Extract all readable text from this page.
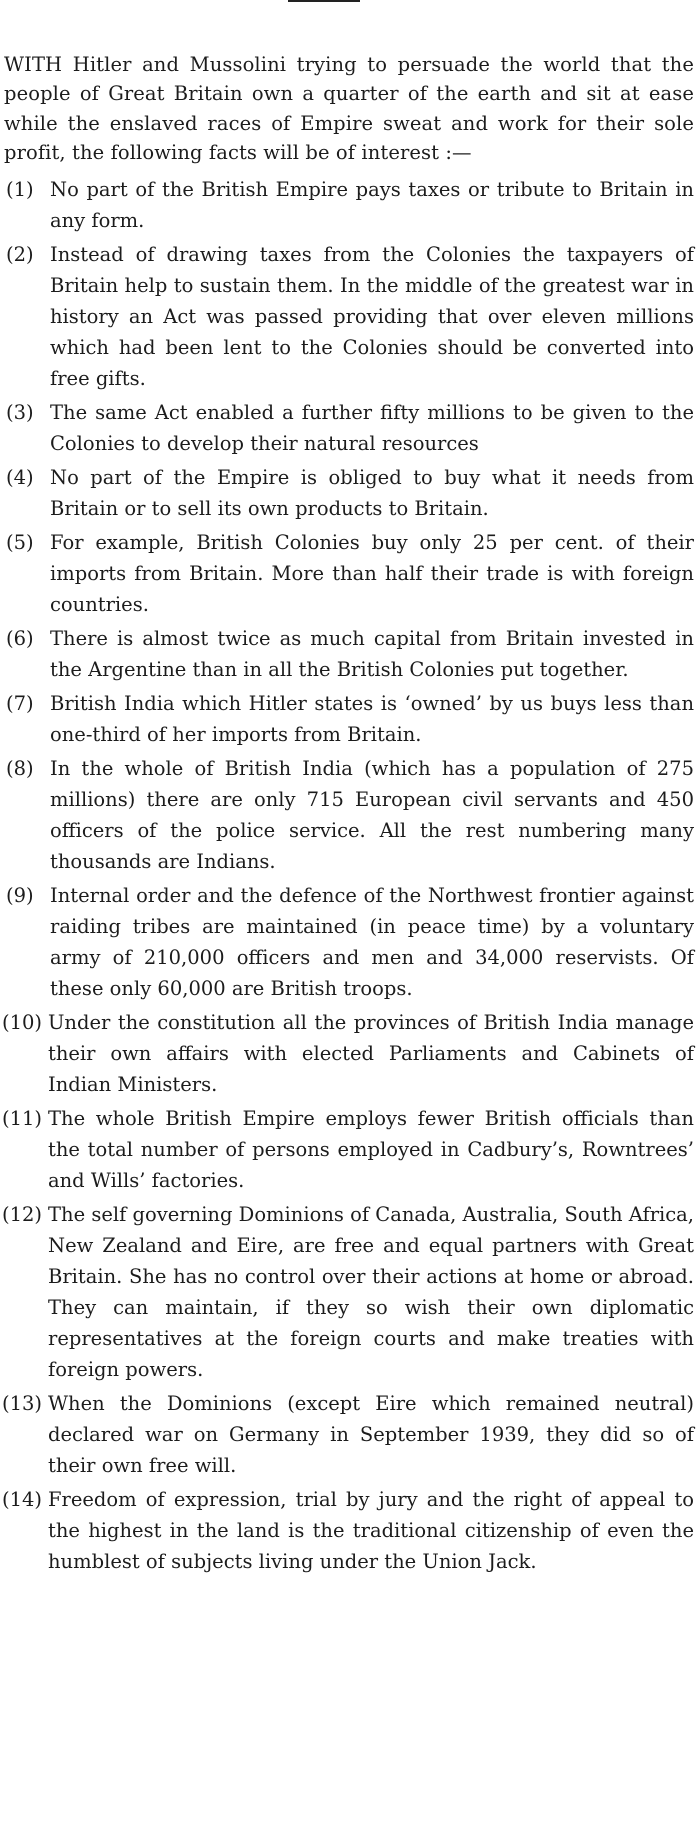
WITH Hitler and Mussolini trying to persuade the world that the people of Great Britain own a quarter of the earth and sit at ease while the enslaved races of Empire sweat and work for their sole profit, the following facts will be of interest :—

(1) No part of the British Empire pays taxes or tribute to Britain in any form.
(2) Instead of drawing taxes from the Colonies the taxpayers of Britain help to sustain them. In the middle of the greatest war in history an Act was passed providing that over eleven millions which had been lent to the Colonies should be converted into free gifts.
(3) The same Act enabled a further fifty millions to be given to the Colonies to develop their natural resources
(4) No part of the Empire is obliged to buy what it needs from Britain or to sell its own products to Britain.
(5) For example, British Colonies buy only 25 per cent. of their imports from Britain. More than half their trade is with foreign countries.
(6) There is almost twice as much capital from Britain invested in the Argentine than in all the British Colonies put together.
(7) British India which Hitler states is ‘owned’ by us buys less than one-third of her imports from Britain.
(8) In the whole of British India (which has a population of 275 millions) there are only 715 European civil servants and 450 officers of the police service. All the rest numbering many thousands are Indians.
(9) Internal order and the defence of the Northwest frontier against raiding tribes are maintained (in peace time) by a voluntary army of 210,000 officers and men and 34,000 reservists. Of these only 60,000 are British troops.
(10) Under the constitution all the provinces of British India manage their own affairs with elected Parliaments and Cabinets of Indian Ministers.
(11) The whole British Empire employs fewer British officials than the total number of persons employed in Cadbury’s, Rowntrees’ and Wills’ factories.
(12) The self governing Dominions of Canada, Australia, South Africa, New Zealand and Eire, are free and equal partners with Great Britain. She has no control over their actions at home or abroad. They can maintain, if they so wish their own diplomatic representatives at the foreign courts and make treaties with foreign powers.
(13) When the Dominions (except Eire which remained neutral) declared war on Germany in September 1939, they did so of their own free will.
(14) Freedom of expression, trial by jury and the right of appeal to the highest in the land is the traditional citizenship of even the humblest of subjects living under the Union Jack.
